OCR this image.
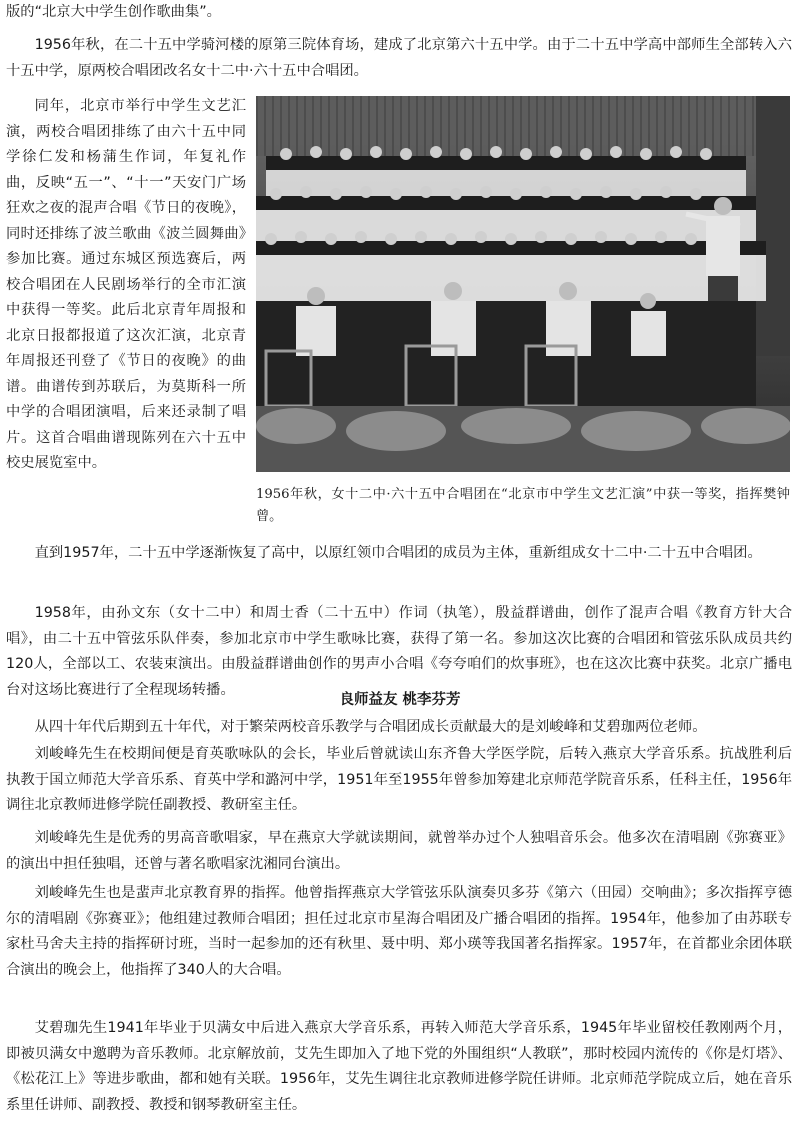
版的“北京大中学生创作歌曲集”。

1956年秋，在二十五中学骑河楼的原第三院体育场，建成了北京第六十五中学。由于二十五中学高中部师生全部转入六十五中学，原两校合唱团改名女十二中·六十五中合唱团。

同年，北京市举行中学生文艺汇演，两校合唱团排练了由六十五中同学徐仁发和杨蒲生作词，年复礼作曲，反映“五一”、“十一”天安门广场狂欢之夜的混声合唱《节日的夜晚》，同时还排练了波兰歌曲《波兰圆舞曲》参加比赛。通过东城区预选赛后，两校合唱团在人民剧场举行的全市汇演中获得一等奖。此后北京青年周报和北京日报都报道了这次汇演，北京青年周报还刊登了《节日的夜晚》的曲谱。曲谱传到苏联后，为莫斯科一所中学的合唱团演唱，后来还录制了唱片。这首合唱曲谱现陈列在六十五中校史展览室中。

1956年秋，女十二中·六十五中合唱团在“北京市中学生文艺汇演”中获一等奖，指挥樊钟曾。

直到1957年，二十五中学逐渐恢复了高中，以原红领巾合唱团的成员为主体，重新组成女十二中·二十五中合唱团。

1958年，由孙文东（女十二中）和周士香（二十五中）作词（执笔），殷益群谱曲，创作了混声合唱《教育方针大合唱》，由二十五中管弦乐队伴奏，参加北京市中学生歌咏比赛，获得了第一名。参加这次比赛的合唱团和管弦乐队成员共约120人，全部以工、农装束演出。由殷益群谱曲创作的男声小合唱《夸夸咱们的炊事班》，也在这次比赛中获奖。北京广播电台对这场比赛进行了全程现场转播。

良师益友 桃李芬芳

从四十年代后期到五十年代，对于繁荣两校音乐教学与合唱团成长贡献最大的是刘峻峰和艾碧珈两位老师。

刘峻峰先生在校期间便是育英歌咏队的会长，毕业后曾就读山东齐鲁大学医学院，后转入燕京大学音乐系。抗战胜利后执教于国立师范大学音乐系、育英中学和潞河中学，1951年至1955年曾参加筹建北京师范学院音乐系，任科主任，1956年调往北京教师进修学院任副教授、教研室主任。

刘峻峰先生是优秀的男高音歌唱家，早在燕京大学就读期间，就曾举办过个人独唱音乐会。他多次在清唱剧《弥赛亚》的演出中担任独唱，还曾与著名歌唱家沈湘同台演出。

刘峻峰先生也是蜚声北京教育界的指挥。他曾指挥燕京大学管弦乐队演奏贝多芬《第六（田园）交响曲》；多次指挥亨德尔的清唱剧《弥赛亚》；他组建过教师合唱团；担任过北京市星海合唱团及广播合唱团的指挥。1954年，他参加了由苏联专家杜马舍夫主持的指挥研讨班，当时一起参加的还有秋里、聂中明、郑小瑛等我国著名指挥家。1957年，在首都业余团体联合演出的晚会上，他指挥了340人的大合唱。

艾碧珈先生1941年毕业于贝满女中后进入燕京大学音乐系，再转入师范大学音乐系，1945年毕业留校任教刚两个月，即被贝满女中邀聘为音乐教师。北京解放前，艾先生即加入了地下党的外围组织“人教联”，那时校园内流传的《你是灯塔》、《松花江上》等进步歌曲，都和她有关联。1956年，艾先生调往北京教师进修学院任讲师。北京师范学院成立后，她在音乐系里任讲师、副教授、教授和钢琴教研室主任。
